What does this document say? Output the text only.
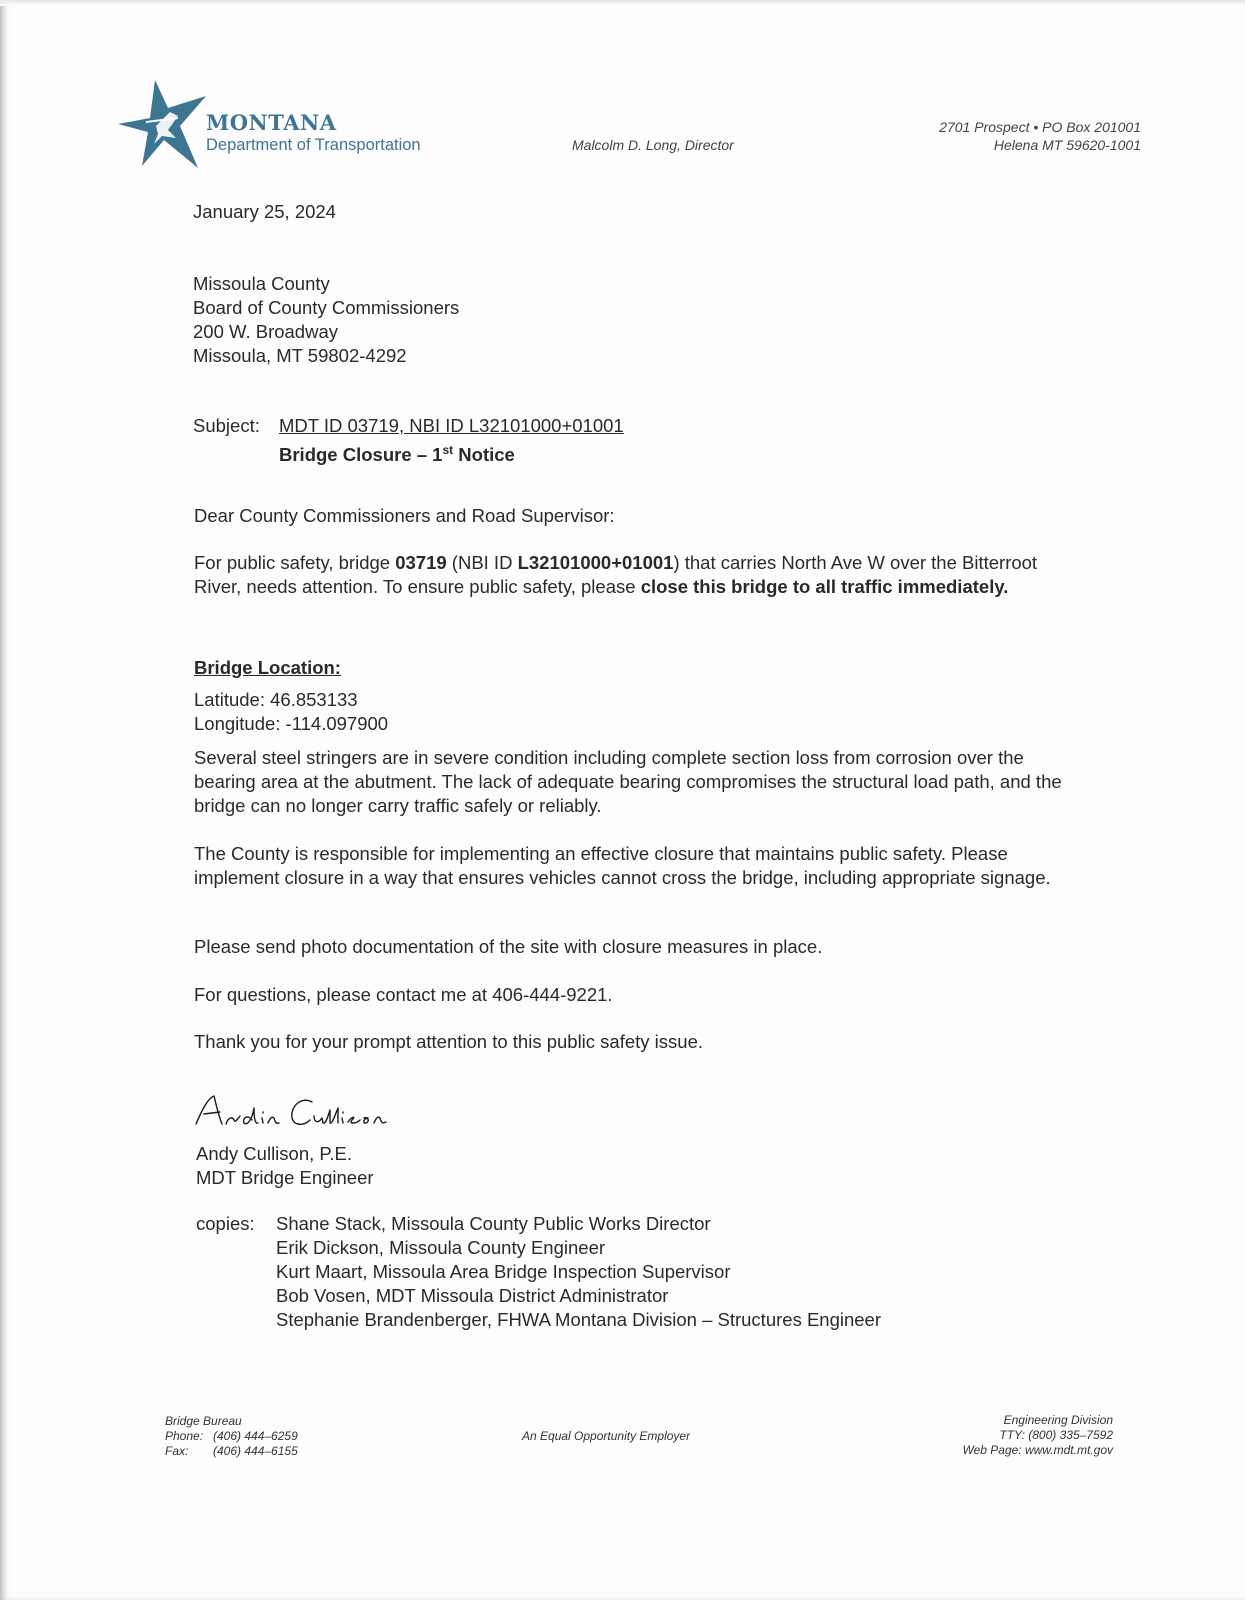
MONTANA
Department of Transportation	Malcolm D. Long, Director
2701 Prospect • PO Box 201001
Helena MT 59620-1001
January 25, 2024
Missoula County
Board of County Commissioners
200 W. Broadway
Missoula, MT 59802-4292
Subject: MDT ID 03719, NBI ID L32101000+01001
Bridge Closure – 1st Notice

Dear County Commissioners and Road Supervisor:

For public safety, bridge 03719 (NBI ID L32101000+01001) that carries North Ave W over the Bitterroot River, needs attention. To ensure public safety, please close this bridge to all traffic immediately.

Bridge Location:
Latitude: 46.853133
Longitude: -114.097900

Several steel stringers are in severe condition including complete section loss from corrosion over the bearing area at the abutment. The lack of adequate bearing compromises the structural load path, and the bridge can no longer carry traffic safely or reliably.

The County is responsible for implementing an effective closure that maintains public safety. Please implement closure in a way that ensures vehicles cannot cross the bridge, including appropriate signage.

Please send photo documentation of the site with closure measures in place.

For questions, please contact me at 406-444-9221.

Thank you for your prompt attention to this public safety issue.

Andy Cullison, P.E.
MDT Bridge Engineer
copies: Shane Stack, Missoula County Public Works Director
Erik Dickson, Missoula County Engineer
Kurt Maart, Missoula Area Bridge Inspection Supervisor
Bob Vosen, MDT Missoula District Administrator
Stephanie Brandenberger, FHWA Montana Division – Structures Engineer
Bridge Bureau
Phone: (406) 444–6259
Fax: (406) 444–6155
An Equal Opportunity Employer
Engineering Division
TTY: (800) 335–7592
Web Page: www.mdt.mt.gov
